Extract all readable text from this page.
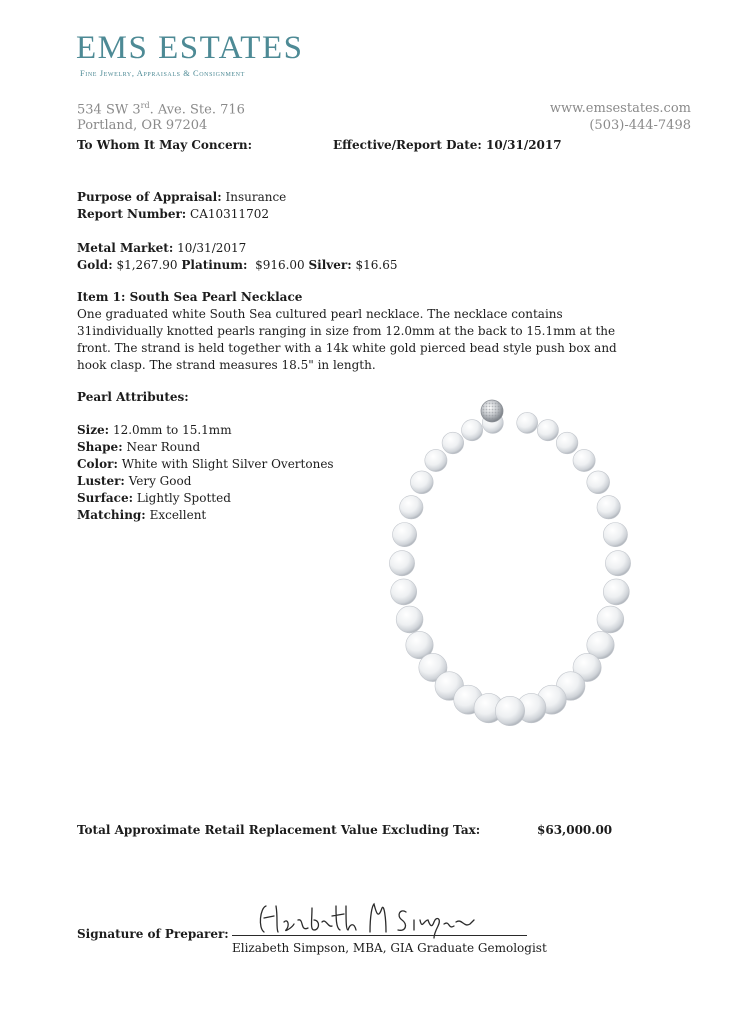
EMS ESTATES
Fine Jewelry, Appraisals & Consignment
534 SW 3rd. Ave. Ste. 716
Portland, OR 97204
www.emsestates.com
(503)-444-7498
To Whom It May Concern:	Effective/Report Date: 10/31/2017
Purpose of Appraisal: Insurance
Report Number: CA10311702
Metal Market: 10/31/2017
Gold: $1,267.90 Platinum: $916.00 Silver: $16.65
Item 1: South Sea Pearl Necklace
One graduated white South Sea cultured pearl necklace. The necklace contains 31individually knotted pearls ranging in size from 12.0mm at the back to 15.1mm at the front. The strand is held together with a 14k white gold pierced bead style push box and hook clasp. The strand measures 18.5" in length.
Pearl Attributes:
Size: 12.0mm to 15.1mm
Shape: Near Round
Color: White with Slight Silver Overtones
Luster: Very Good
Surface: Lightly Spotted
Matching: Excellent
Total Approximate Retail Replacement Value Excluding Tax:	$63,000.00
Signature of Preparer:
Elizabeth Simpson, MBA, GIA Graduate Gemologist
